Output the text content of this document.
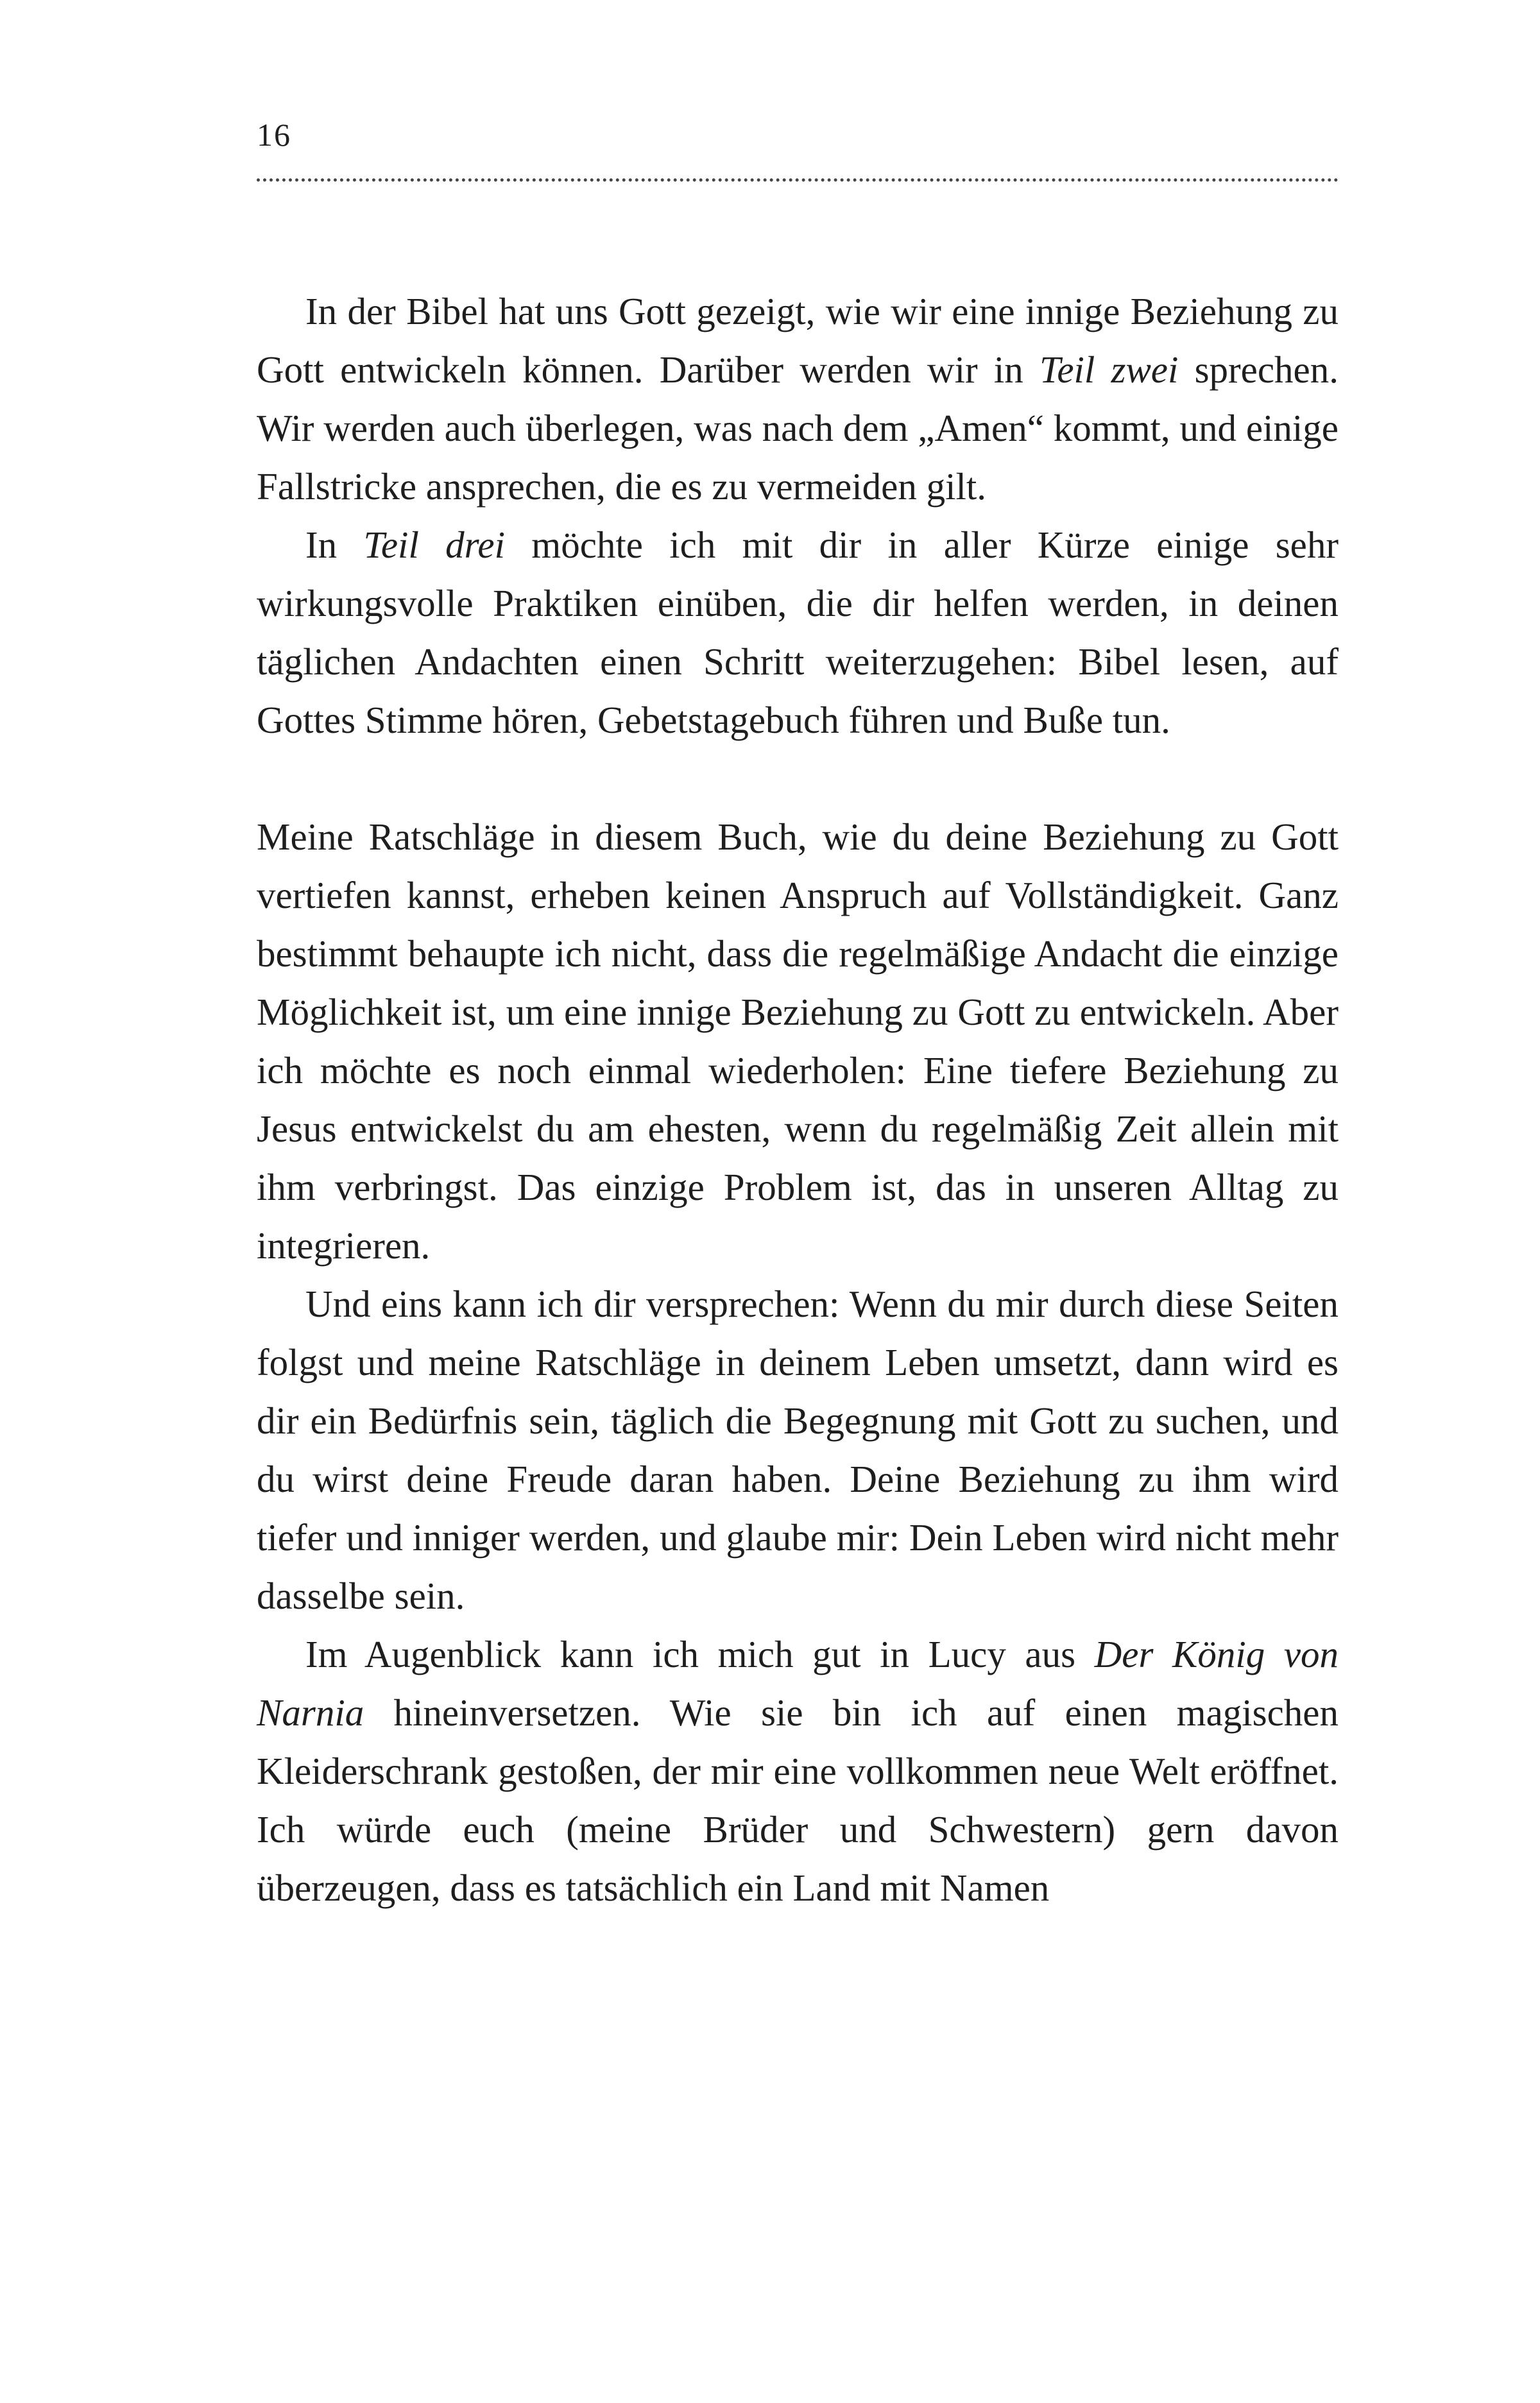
16

In der Bibel hat uns Gott gezeigt, wie wir eine innige Beziehung zu Gott entwickeln können. Darüber werden wir in Teil zwei sprechen. Wir werden auch überlegen, was nach dem „Amen“ kommt, und einige Fallstricke ansprechen, die es zu vermeiden gilt.

In Teil drei möchte ich mit dir in aller Kürze einige sehr wirkungsvolle Praktiken einüben, die dir helfen werden, in deinen täglichen Andachten einen Schritt weiterzugehen: Bibel lesen, auf Gottes Stimme hören, Gebetstagebuch führen und Buße tun.

Meine Ratschläge in diesem Buch, wie du deine Beziehung zu Gott vertiefen kannst, erheben keinen Anspruch auf Vollständigkeit. Ganz bestimmt behaupte ich nicht, dass die regelmäßige Andacht die einzige Möglichkeit ist, um eine innige Beziehung zu Gott zu entwickeln. Aber ich möchte es noch einmal wiederholen: Eine tiefere Beziehung zu Jesus entwickelst du am ehesten, wenn du regelmäßig Zeit allein mit ihm verbringst. Das einzige Problem ist, das in unseren Alltag zu integrieren.

Und eins kann ich dir versprechen: Wenn du mir durch diese Seiten folgst und meine Ratschläge in deinem Leben umsetzt, dann wird es dir ein Bedürfnis sein, täglich die Begegnung mit Gott zu suchen, und du wirst deine Freude daran haben. Deine Beziehung zu ihm wird tiefer und inniger werden, und glaube mir: Dein Leben wird nicht mehr dasselbe sein.

Im Augenblick kann ich mich gut in Lucy aus Der König von Narnia hineinversetzen. Wie sie bin ich auf einen magischen Kleiderschrank gestoßen, der mir eine vollkommen neue Welt eröffnet. Ich würde euch (meine Brüder und Schwestern) gern davon überzeugen, dass es tatsächlich ein Land mit Namen
